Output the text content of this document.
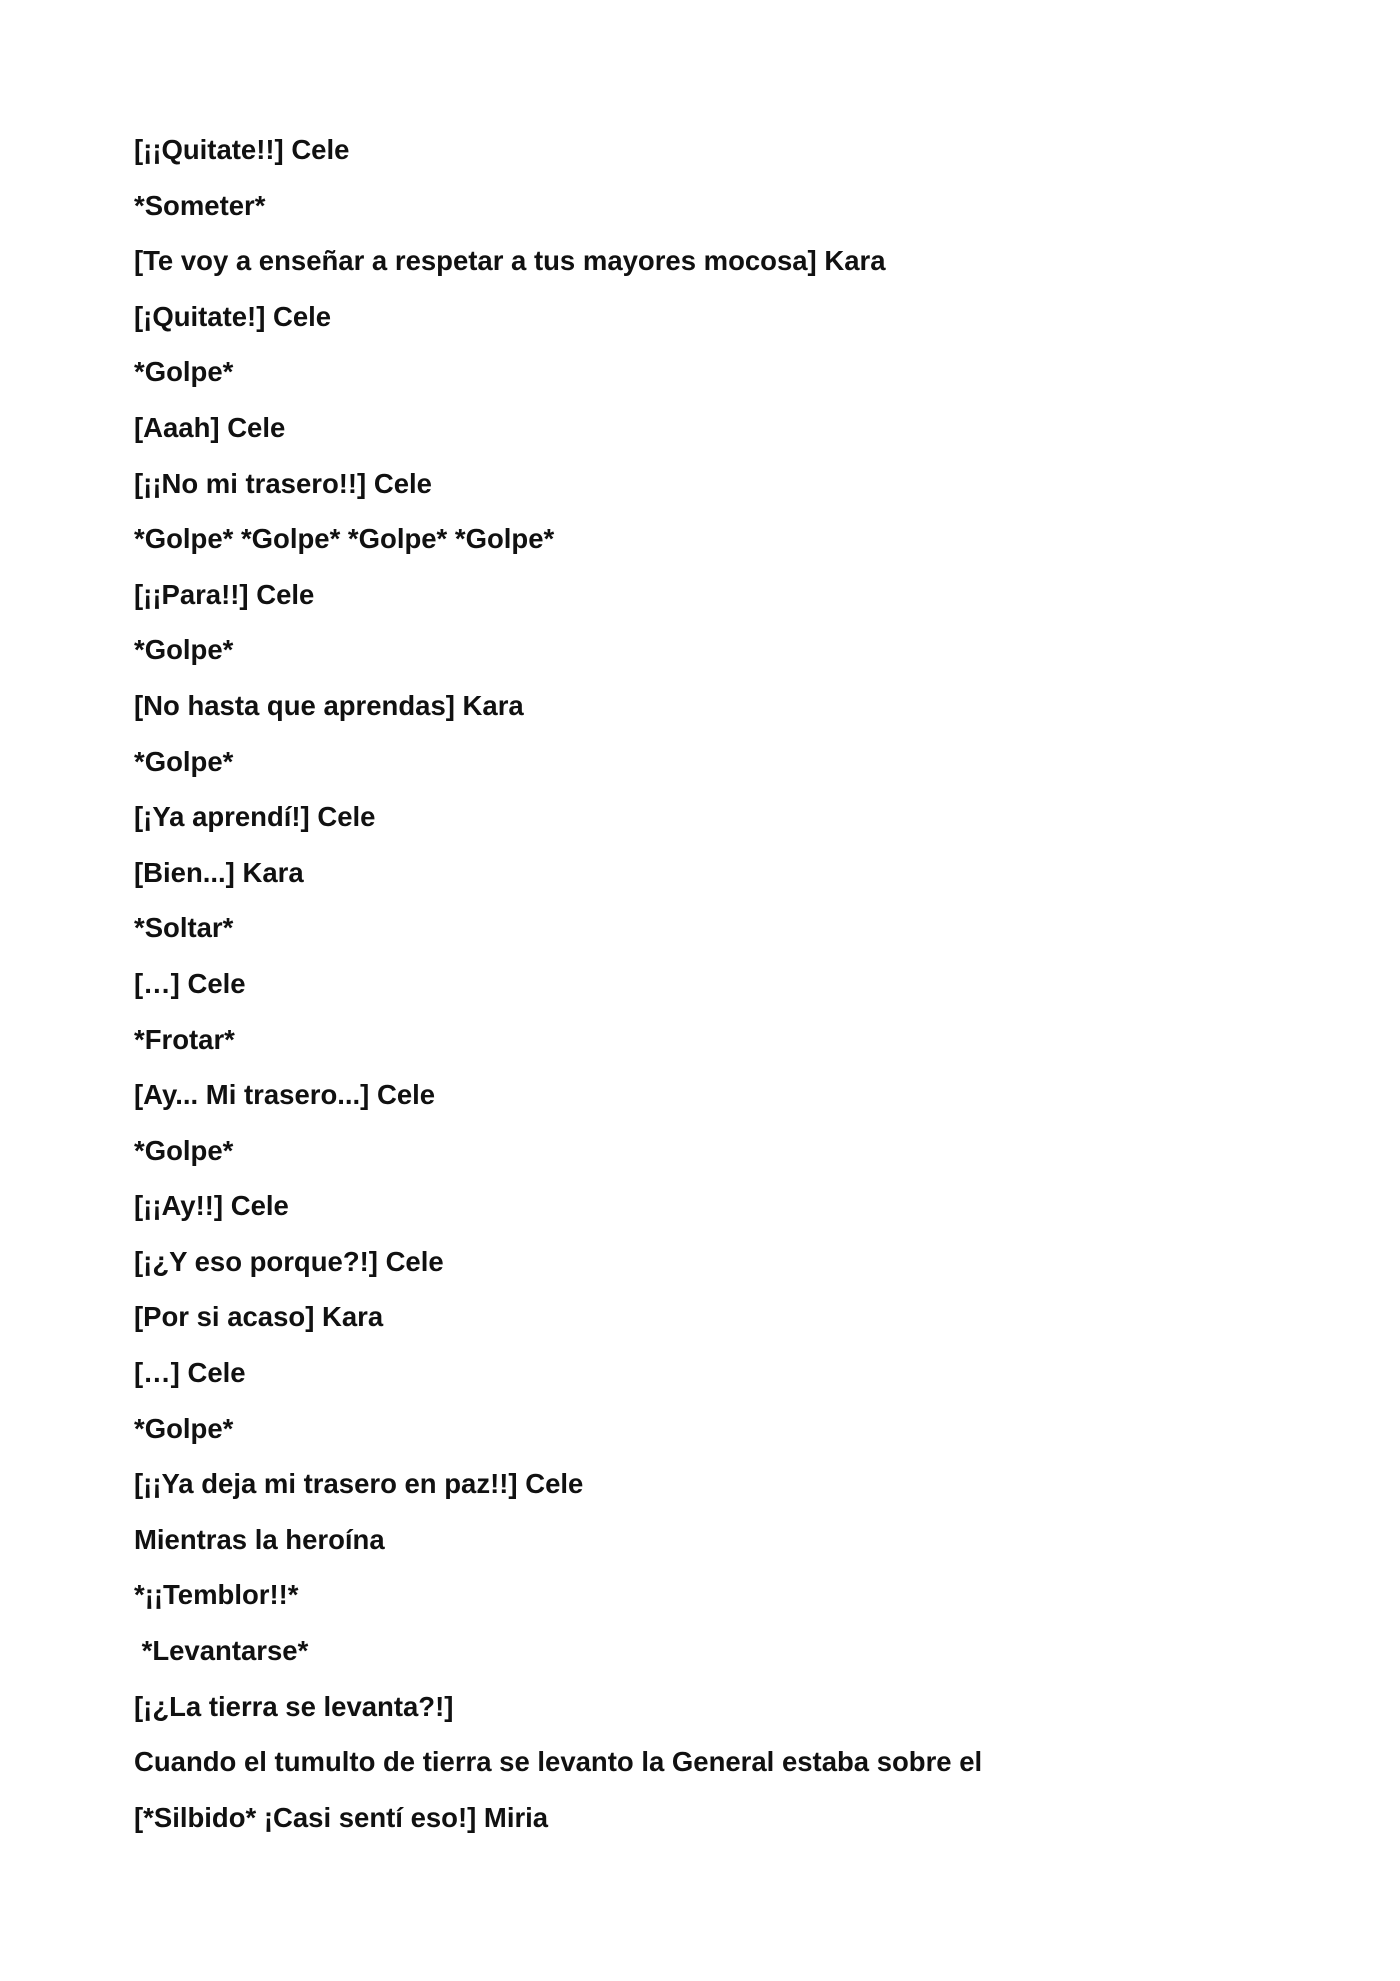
[¡¡Quitate!!] Cele
*Someter*
[Te voy a enseñar a respetar a tus mayores mocosa] Kara
[¡Quitate!] Cele
*Golpe*
[Aaah] Cele
[¡¡No mi trasero!!] Cele
*Golpe* *Golpe* *Golpe* *Golpe*
[¡¡Para!!] Cele
*Golpe*
[No hasta que aprendas] Kara
*Golpe*
[¡Ya aprendí!] Cele
[Bien...] Kara
*Soltar*
[…] Cele
*Frotar*
[Ay... Mi trasero...] Cele
*Golpe*
[¡¡Ay!!] Cele
[¡¿Y eso porque?!] Cele
[Por si acaso] Kara
[…] Cele
*Golpe*
[¡¡Ya deja mi trasero en paz!!] Cele
Mientras la heroína
*¡¡Temblor!!*
*Levantarse*
[¡¿La tierra se levanta?!]
Cuando el tumulto de tierra se levanto la General estaba sobre el
[*Silbido* ¡Casi sentí eso!] Miria
